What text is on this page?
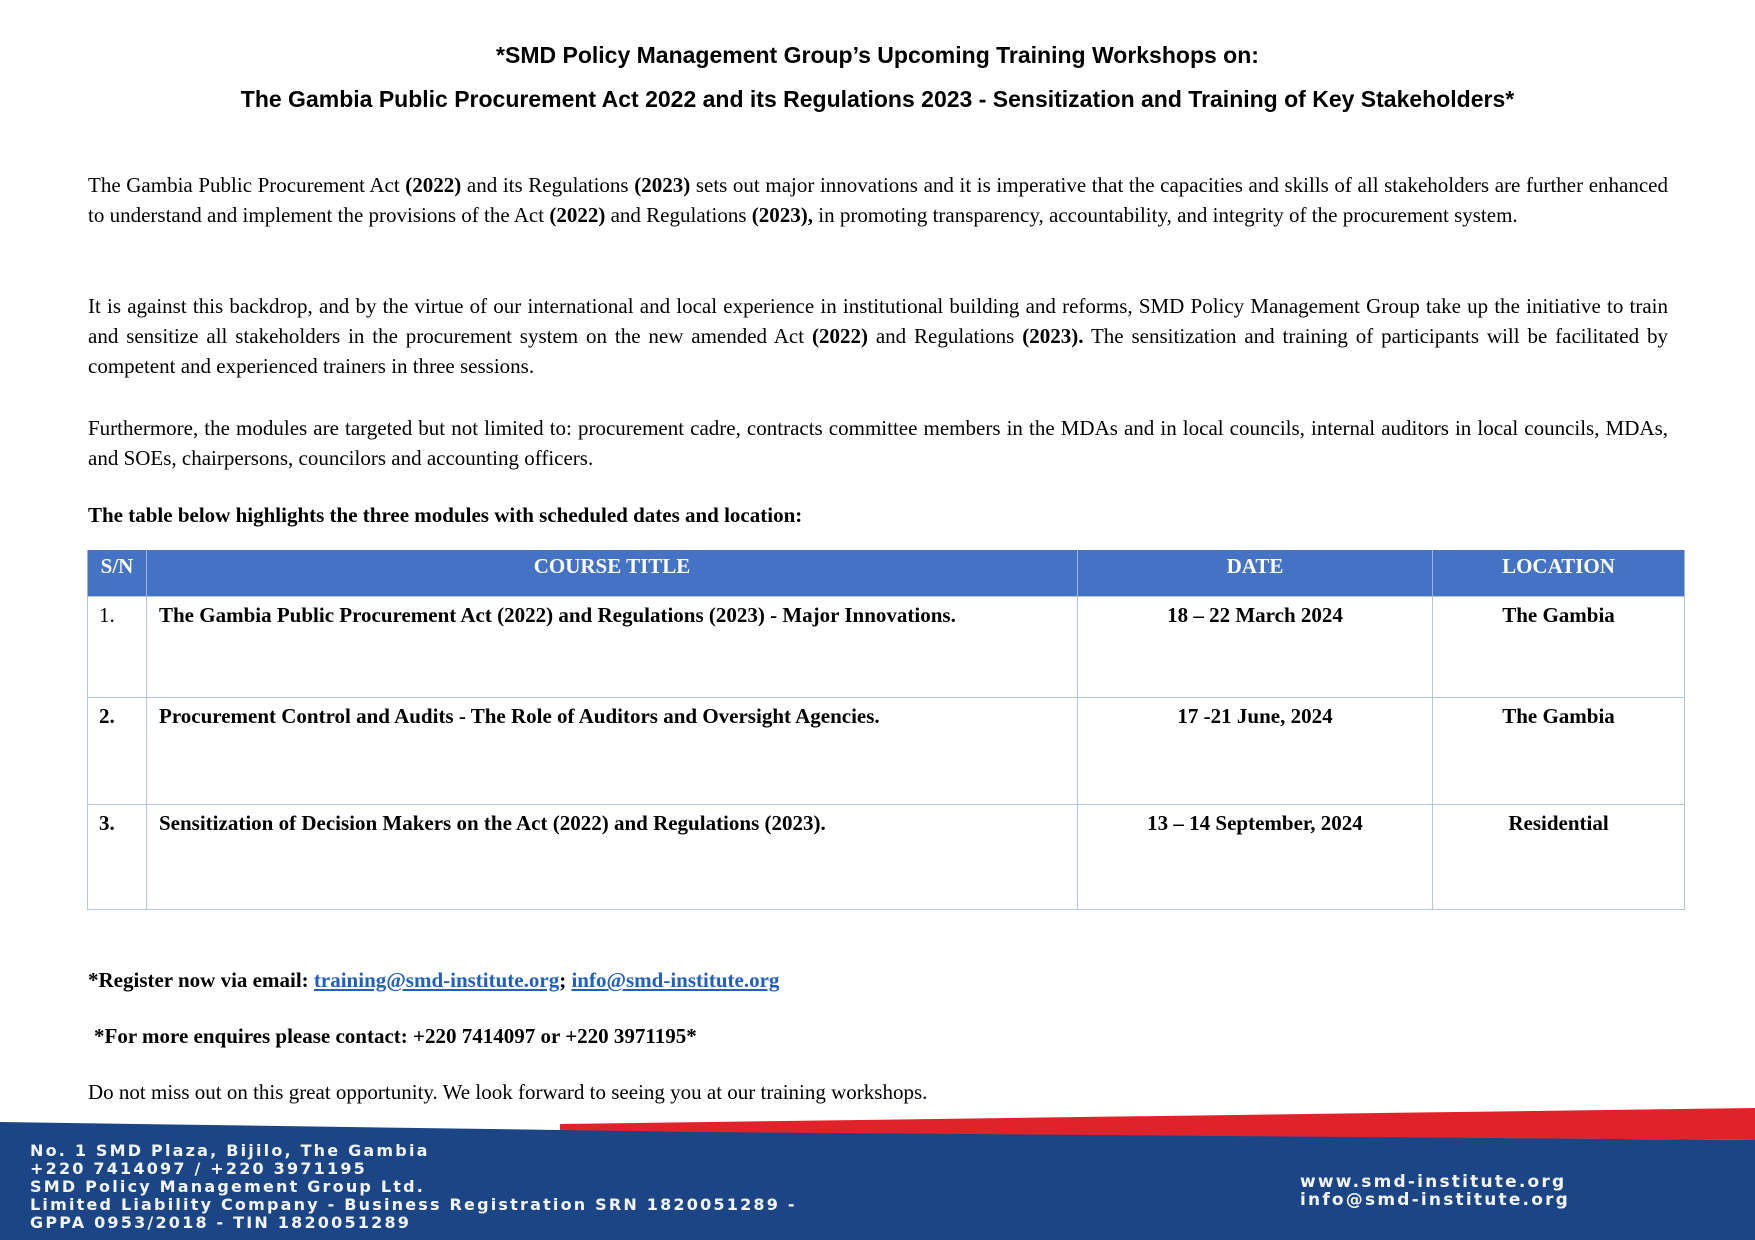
*SMD Policy Management Group’s Upcoming Training Workshops on:
The Gambia Public Procurement Act 2022 and its Regulations 2023 - Sensitization and Training of Key Stakeholders*

The Gambia Public Procurement Act (2022) and its Regulations (2023) sets out major innovations and it is imperative that the capacities and skills of all stakeholders are further enhanced to understand and implement the provisions of the Act (2022) and Regulations (2023), in promoting transparency, accountability, and integrity of the procurement system.

It is against this backdrop, and by the virtue of our international and local experience in institutional building and reforms, SMD Policy Management Group take up the initiative to train and sensitize all stakeholders in the procurement system on the new amended Act (2022) and Regulations (2023). The sensitization and training of participants will be facilitated by competent and experienced trainers in three sessions.

Furthermore, the modules are targeted but not limited to: procurement cadre, contracts committee members in the MDAs and in local councils, internal auditors in local councils, MDAs, and SOEs, chairpersons, councilors and accounting officers.

The table below highlights the three modules with scheduled dates and location:

S/N	COURSE TITLE	DATE	LOCATION
1.	The Gambia Public Procurement Act (2022) and Regulations (2023) - Major Innovations.	18 – 22 March 2024	The Gambia
2.	Procurement Control and Audits - The Role of Auditors and Oversight Agencies.	17 -21 June, 2024	The Gambia
3.	Sensitization of Decision Makers on the Act (2022) and Regulations (2023).	13 – 14 September, 2024	Residential

*Register now via email: training@smd-institute.org; info@smd-institute.org

*For more enquires please contact: +220 7414097 or +220 3971195*

Do not miss out on this great opportunity. We look forward to seeing you at our training workshops.

No. 1 SMD Plaza, Bijilo, The Gambia
+220 7414097 / +220 3971195
SMD Policy Management Group Ltd.
Limited Liability Company - Business Registration SRN 1820051289 -
GPPA 0953/2018 - TIN 1820051289
www.smd-institute.org
info@smd-institute.org
